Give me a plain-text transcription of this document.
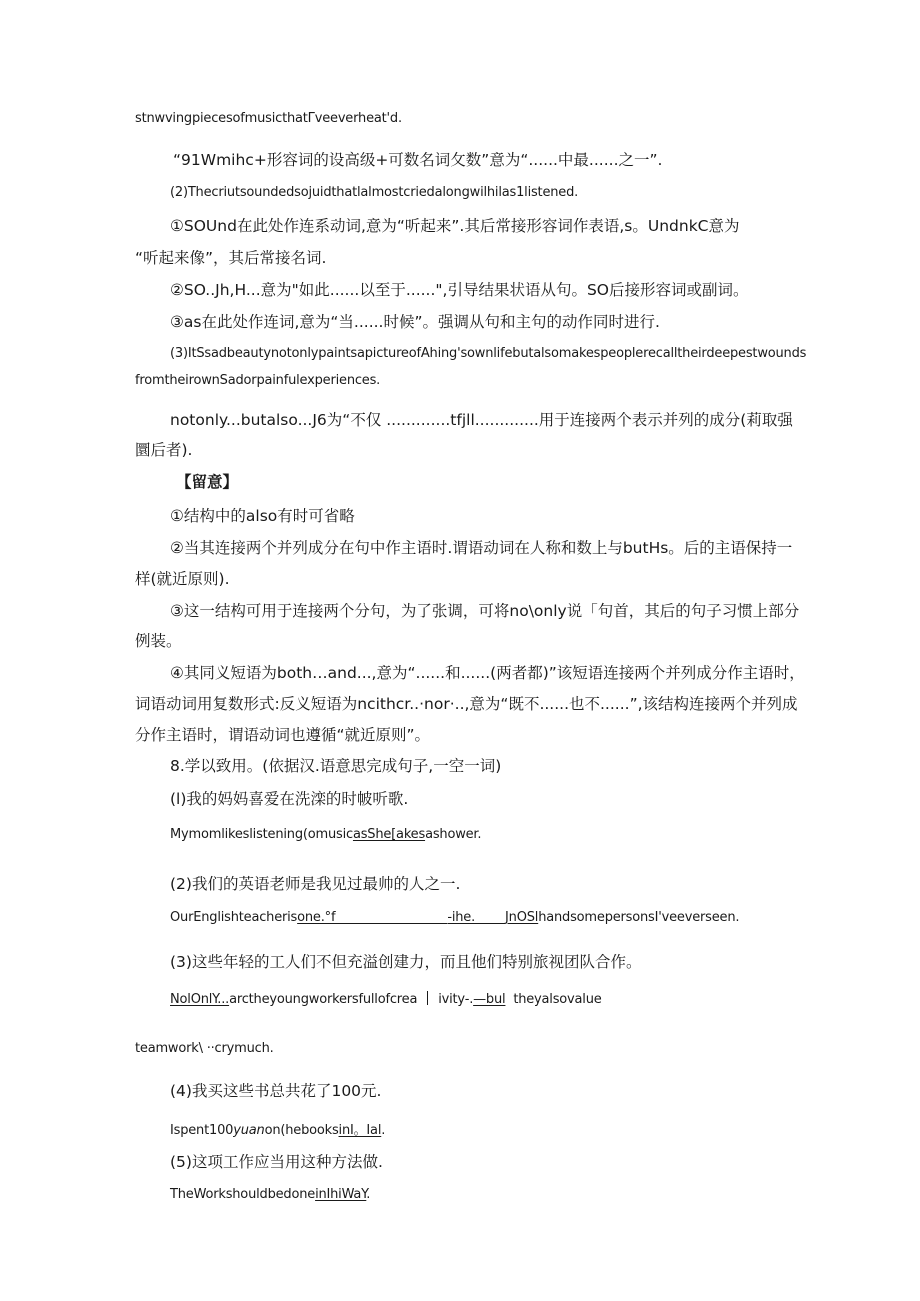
stnwvingpiecesofmusicthatΓveeverheat'd.
“91Wmihc+形容词的设高级+可数名词攵数”意为“......中最......之一”.
(2)Thecriutsoundedsojuidthatlalmostcriedalongwilhilas1listened.
①SOUnd在此处作连系动词,意为“听起来”.其后常接形容词作表语,s。UndnkC意为
“听起来像”，其后常接名词.
②SO..Jh,H...意为"如此......以至于......",引导结果状语从句。SO后接形容词或副词。
③as在此处作连词,意为“当......时候”。强调从句和主句的动作同时进行.
(3)ItSsadbeautynotonlypaintsapictureofAhing'sownlifebutalsomakespeoplerecalltheirdeepestwounds
fromtheirownSadorpainfulexperiences.
notonly...butalso...J6为“不仅 .............tfjll.............用于连接两个表示并列的成分(莉取强
圜后者).
【留意】
①结构中的also有时可省略
②当其连接两个并列成分在句中作主语时.谓语动词在人称和数上与butHs。后的主语保持一
样(就近原则).
③这一结构可用于连接两个分句，为了张调，可将no\only说「句首，其后的句子习惯上部分
例装。
④其同义短语为both…and...,意为“......和......(两者都)”该短语连接两个并列成分作主语时，
词语动词用复数形式:反义短语为ncithcr..·nor·..,意为“既不......也不......”,该结构连接两个并列成
分作主语时，谓语动词也遵循“就近原则”。
8.学以致用。(依据汉.语意思完成句子,一空一词)
(l)我的妈妈喜爱在洗滦的时帔听歌.
Mymomlikeslistening(omusicasShe[akesashower.
(2)我们的英语老师是我见过最帅的人之一.
OurEnglishteacherisone.°f	-ihe. JnOSlhandsomepersonsI'veeverseen.
(3)这些年轻的工人们不但充溢创建力，而且他们特别旅视团队合作。
NolOnlY...arctheyoungworkersfullofcrea ivity-.—bul theyalsovalue
teamwork\ ··crymuch.
(4)我买这些书总共花了100元.
Ispent100yuanon(hebooksinI。Ial.
(5)这项工作应当用这种方法做.
TheWorkshouldbedoneinIhiWaY.
